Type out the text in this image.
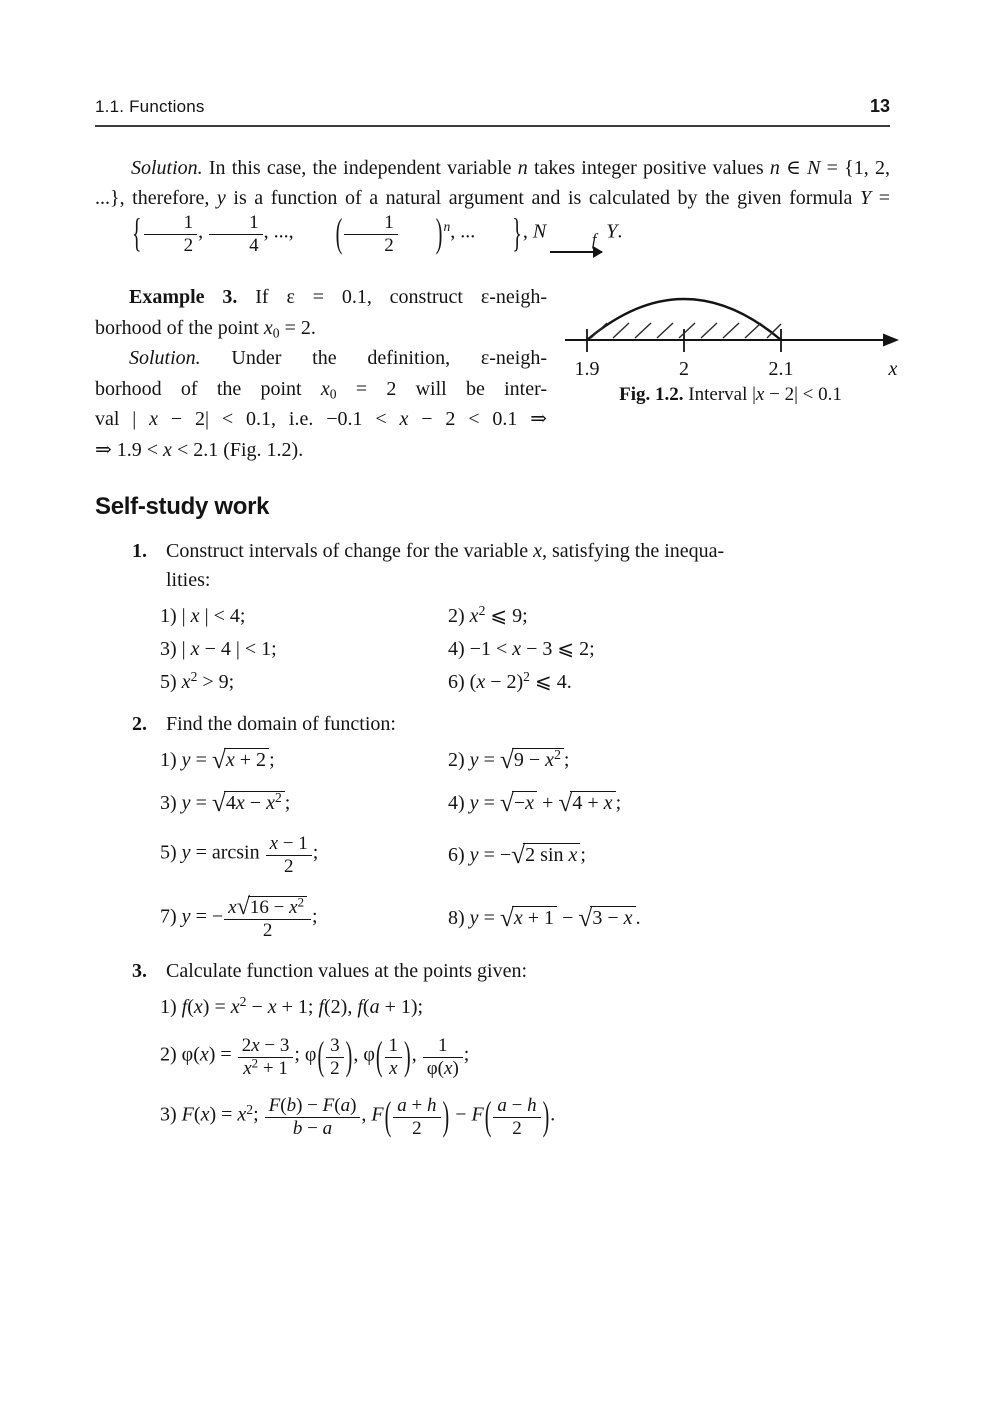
1.1. Functions	13
Solution. In this case, the independent variable n takes integer positive values n ∈ N = {1, 2, ...}, therefore, y is a function of a natural argument and is calculated by the given formula Y = { $\frac{1}{2}$ , $\frac{1}{4}$ , ..., ( $\frac{1}{2} )^n$, ... }, N	f Y.
Example 3. If ε = 0.1, construct ε-neigh-
borhood of the point $x_0 = 2$.
Solution. Under the definition, ε-neigh-
borhood of the point $x_0 = 2$ will be inter-
val | x − 2| < 0.1, i.e. −0.1 < x − 2 < 0.1 ⇒
⇒ 1.9 < x < 2.1 (Fig. 1.2).
1.9	2	2.1	x
Fig. 1.2. Interval |x − 2| < 0.1
Self-study work
1. Construct intervals of change for the variable x, satisfying the inequa-
lities:
1) | x | < 4;	2) $x^2$ ⩽ 9;
3) | x − 4 | < 1;	4) −1 < x − 3 ⩽ 2;
5) $x^2 > 9$;	6) $(x - 2)^2$ ⩽ 4.
2. Find the domain of function:
1) y = √x + 2 ;	2) $y = √9 - x^2$ ;
3) $y = √4x - x^2$ ;	4) y = √−x + √4 + x ;
5) $y = \arcsin \frac{x - 1}{2}$ ;	6) y = −√2 sin x ;
7) y = − $\frac{x√16 - x^2}{2}$ ;	8) y = √x + 1 − √3 − x .
3. Calculate function values at the points given:
1) $f(x) = x^2 - x + 1$; f(2), f(a + 1);
2) $\varphi(x) = \frac{2x - 3}{x^2 + 1}$ ; $\varphi( \frac{3}{2}$ ), $\varphi( \frac{1}{x}$ ), $\frac{1}{\varphi(x)}$ ;
3) $F(x) = x^2$; $\frac{F(b) - F(a)}{b - a}$ , $F( \frac{a + h}{2}$ ) − $F( \frac{a - h}{2}$ ).
